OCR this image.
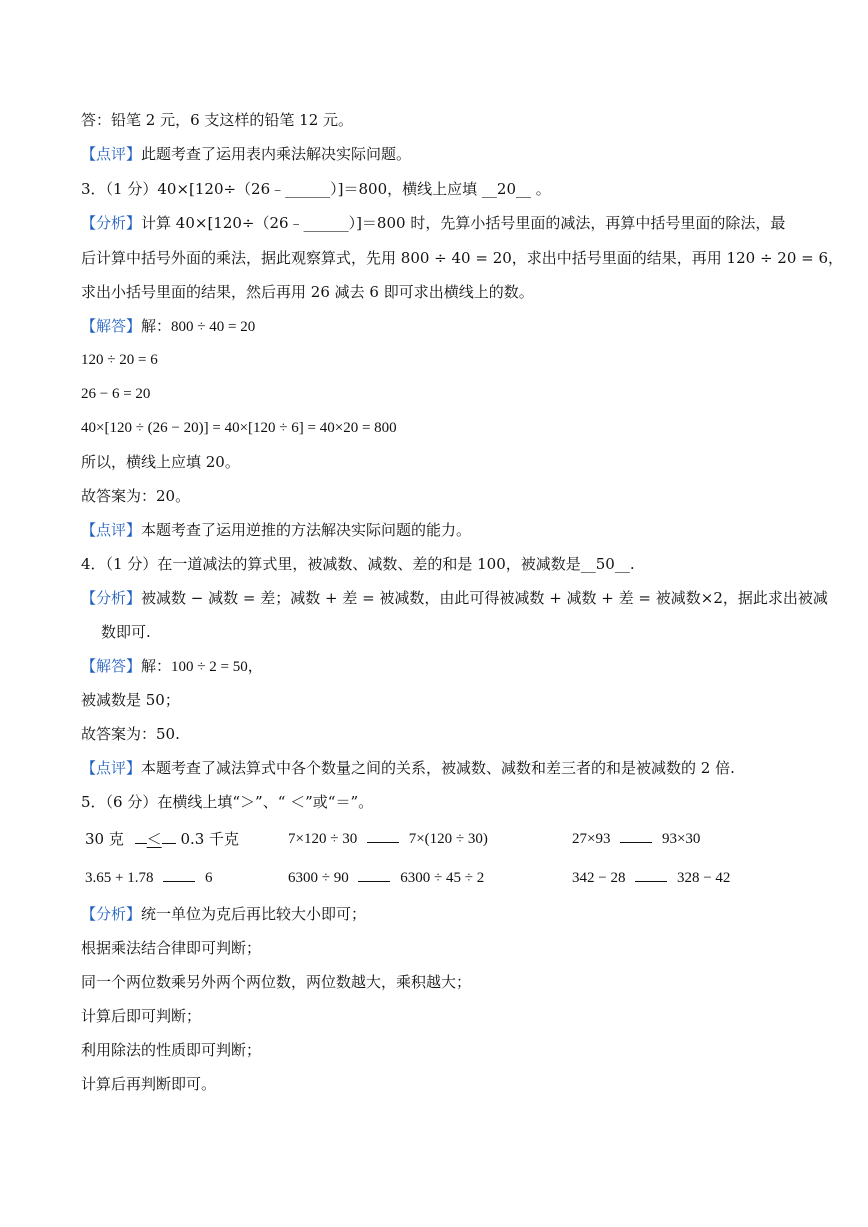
答：铅笔 2 元，6 支这样的铅笔 12 元。
【点评】此题考查了运用表内乘法解决实际问题。
3．（1 分）40×[120÷（26﹣______）]＝800，横线上应填 __20__ 。
【分析】计算 40×[120÷（26﹣______）]＝800 时，先算小括号里面的减法，再算中括号里面的除法，最
后计算中括号外面的乘法，据此观察算式，先用 800 ÷ 40 = 20，求出中括号里面的结果，再用 120 ÷ 20 = 6，
求出小括号里面的结果，然后再用 26 减去 6 即可求出横线上的数。
【解答】解：800 ÷ 40 = 20
120 ÷ 20 = 6
26 − 6 = 20
40×[120 ÷ (26 − 20)] = 40×[120 ÷ 6] = 40×20 = 800
所以，横线上应填 20。
故答案为：20。
【点评】本题考查了运用逆推的方法解决实际问题的能力。
4．（1 分）在一道减法的算式里，被减数、减数、差的和是 100，被减数是__50__.
【分析】被减数 − 减数 = 差；减数 + 差 = 被减数，由此可得被减数 + 减数 + 差 = 被减数×2，据此求出被减
数即可.
【解答】解：100 ÷ 2 = 50，
被减数是 50；
故答案为：50.
【点评】本题考查了减法算式中各个数量之间的关系，被减数、减数和差三者的和是被减数的 2 倍.
5．（6 分）在横线上填“＞”、“ ＜”或“＝”。
30 克 ＜ 0.3 千克	7×120 ÷ 30	7×(120 ÷ 30)	27×93	93×30
3.65 + 1.78	6	6300 ÷ 90	6300 ÷ 45 ÷ 2	342 − 28	328 − 42
【分析】统一单位为克后再比较大小即可；
根据乘法结合律即可判断；
同一个两位数乘另外两个两位数，两位数越大，乘积越大；
计算后即可判断；
利用除法的性质即可判断；
计算后再判断即可。
